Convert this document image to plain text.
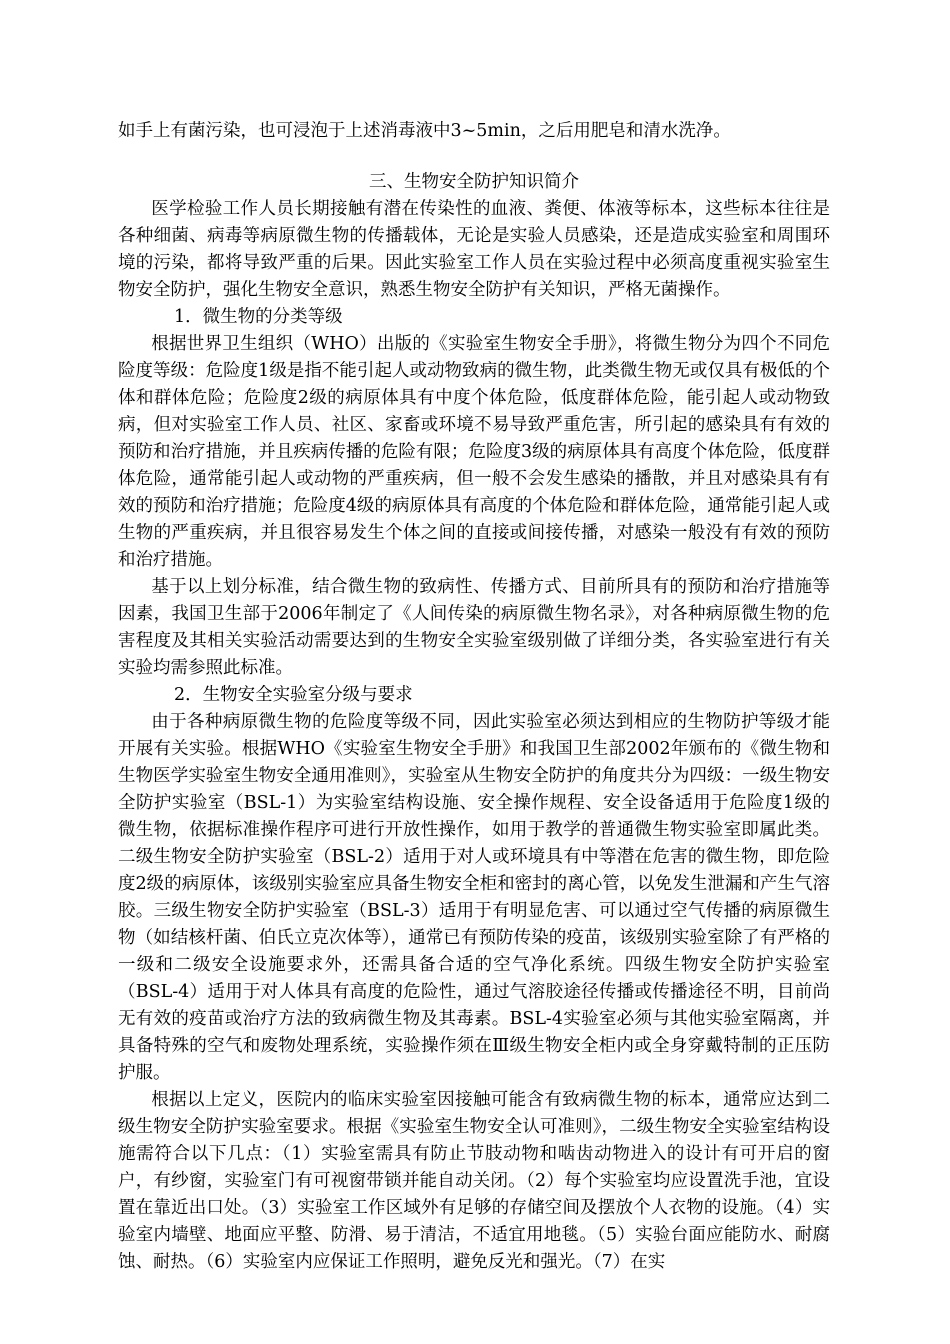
如手上有菌污染，也可浸泡于上述消毒液中3~5min，之后用肥皂和清水洗净。

三、生物安全防护知识简介

医学检验工作人员长期接触有潜在传染性的血液、粪便、体液等标本，这些标本往往是各种细菌、病毒等病原微生物的传播载体，无论是实验人员感染，还是造成实验室和周围环境的污染，都将导致严重的后果。因此实验室工作人员在实验过程中必须高度重视实验室生物安全防护，强化生物安全意识，熟悉生物安全防护有关知识，严格无菌操作。

1．微生物的分类等级

根据世界卫生组织（WHO）出版的《实验室生物安全手册》，将微生物分为四个不同危险度等级：危险度1级是指不能引起人或动物致病的微生物，此类微生物无或仅具有极低的个体和群体危险；危险度2级的病原体具有中度个体危险，低度群体危险，能引起人或动物致病，但对实验室工作人员、社区、家畜或环境不易导致严重危害，所引起的感染具有有效的预防和治疗措施，并且疾病传播的危险有限；危险度3级的病原体具有高度个体危险，低度群体危险，通常能引起人或动物的严重疾病，但一般不会发生感染的播散，并且对感染具有有效的预防和治疗措施；危险度4级的病原体具有高度的个体危险和群体危险，通常能引起人或生物的严重疾病，并且很容易发生个体之间的直接或间接传播，对感染一般没有有效的预防和治疗措施。

基于以上划分标准，结合微生物的致病性、传播方式、目前所具有的预防和治疗措施等因素，我国卫生部于2006年制定了《人间传染的病原微生物名录》，对各种病原微生物的危害程度及其相关实验活动需要达到的生物安全实验室级别做了详细分类，各实验室进行有关实验均需参照此标准。

2．生物安全实验室分级与要求

由于各种病原微生物的危险度等级不同，因此实验室必须达到相应的生物防护等级才能开展有关实验。根据WHO《实验室生物安全手册》和我国卫生部2002年颁布的《微生物和生物医学实验室生物安全通用准则》，实验室从生物安全防护的角度共分为四级：一级生物安全防护实验室（BSL-1）为实验室结构设施、安全操作规程、安全设备适用于危险度1级的微生物，依据标准操作程序可进行开放性操作，如用于教学的普通微生物实验室即属此类。二级生物安全防护实验室（BSL-2）适用于对人或环境具有中等潜在危害的微生物，即危险度2级的病原体，该级别实验室应具备生物安全柜和密封的离心管，以免发生泄漏和产生气溶胶。三级生物安全防护实验室（BSL-3）适用于有明显危害、可以通过空气传播的病原微生物（如结核杆菌、伯氏立克次体等），通常已有预防传染的疫苗，该级别实验室除了有严格的一级和二级安全设施要求外，还需具备合适的空气净化系统。四级生物安全防护实验室（BSL-4）适用于对人体具有高度的危险性，通过气溶胶途径传播或传播途径不明，目前尚无有效的疫苗或治疗方法的致病微生物及其毒素。BSL-4实验室必须与其他实验室隔离，并具备特殊的空气和废物处理系统，实验操作须在Ⅲ级生物安全柜内或全身穿戴特制的正压防护服。

根据以上定义，医院内的临床实验室因接触可能含有致病微生物的标本，通常应达到二级生物安全防护实验室要求。根据《实验室生物安全认可准则》，二级生物安全实验室结构设施需符合以下几点：（1）实验室需具有防止节肢动物和啮齿动物进入的设计有可开启的窗户，有纱窗，实验室门有可视窗带锁并能自动关闭。（2）每个实验室均应设置洗手池，宜设置在靠近出口处。（3）实验室工作区域外有足够的存储空间及摆放个人衣物的设施。（4）实验室内墙壁、地面应平整、防滑、易于清洁，不适宜用地毯。（5）实验台面应能防水、耐腐蚀、耐热。（6）实验室内应保证工作照明，避免反光和强光。（7）在实
